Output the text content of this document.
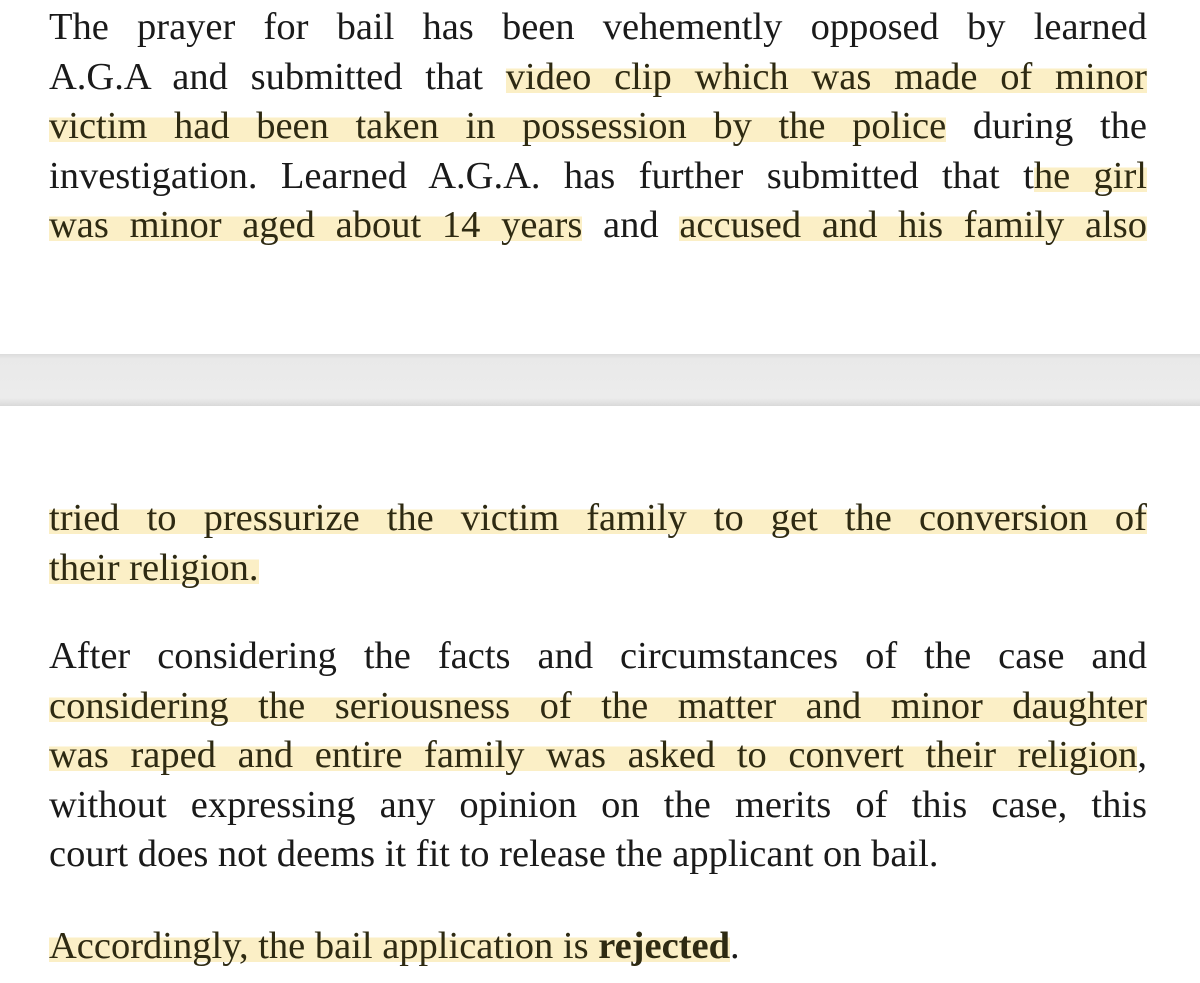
The prayer for bail has been vehemently opposed by learned
A.G.A and submitted that video clip which was made of minor
victim had been taken in possession by the police during the
investigation. Learned A.G.A. has further submitted that the girl
was minor aged about 14 years and accused and his family also

tried to pressurize the victim family to get the conversion of
their religion.

After considering the facts and circumstances of the case and
considering the seriousness of the matter and minor daughter
was raped and entire family was asked to convert their religion,
without expressing any opinion on the merits of this case, this
court does not deems it fit to release the applicant on bail.

Accordingly, the bail application is rejected.
